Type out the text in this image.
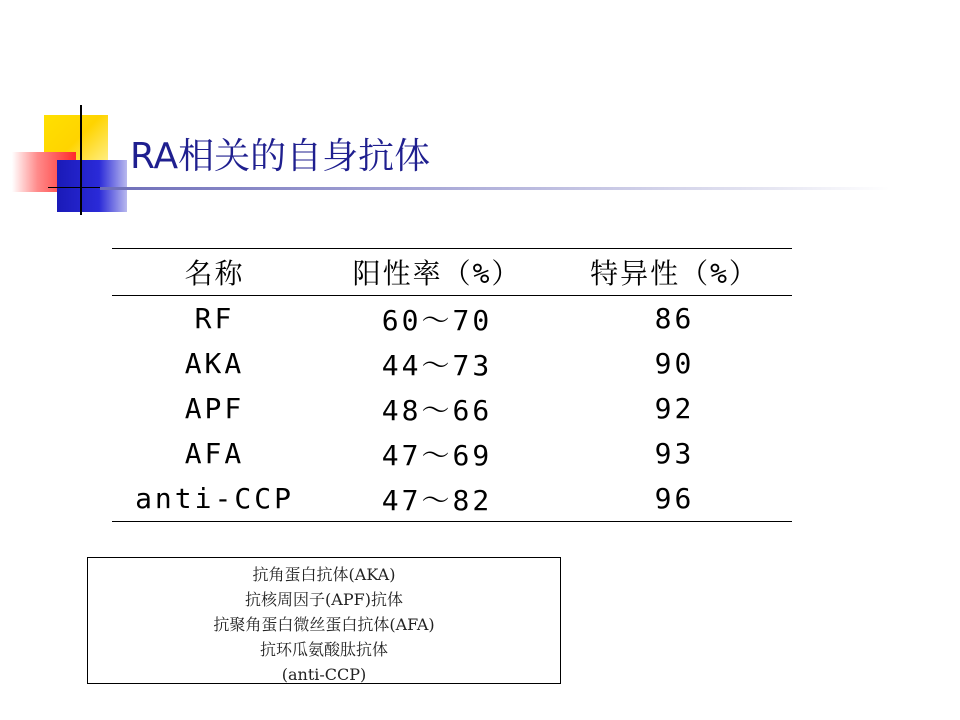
RA相关的自身抗体
名称	阳性率（%）	特异性（%）
RF	60～70	86
AKA	44～73	90
APF	48～66	92
AFA	47～69	93
anti-CCP	47～82	96
抗角蛋白抗体(AKA)
抗核周因子(APF)抗体
抗聚角蛋白微丝蛋白抗体(AFA)
抗环瓜氨酸肽抗体
(anti-CCP)
